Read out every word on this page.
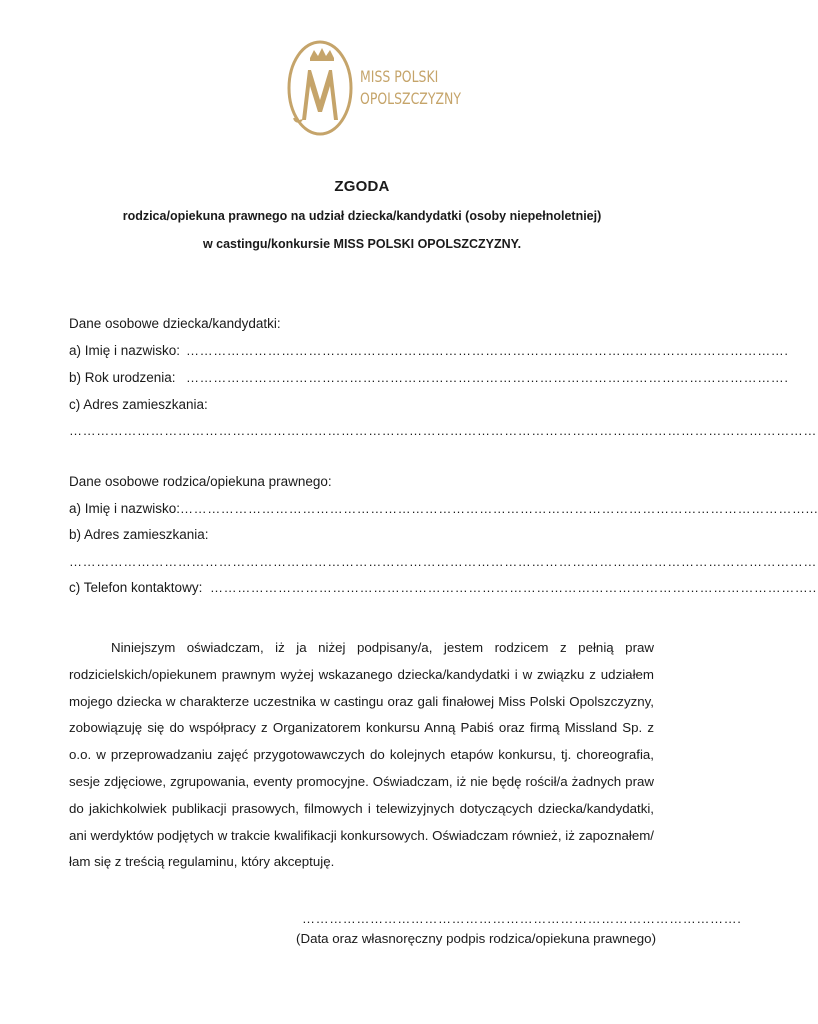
MISS POLSKI
OPOLSZCZYZNY
ZGODA
rodzica/opiekuna prawnego na udział dziecka/kandydatki (osoby niepełnoletniej)
w castingu/konkursie MISS POLSKI OPOLSZCZYZNY.
Dane osobowe dziecka/kandydatki:
a) Imię i nazwisko: …………………………………………………………………………………………………………………….
b) Rok urodzenia: …………………………………………………………………………………………………………………….
c) Adres zamieszkania:
…………………………………………………………………………………………………………………………………………………
Dane osobowe rodzica/opiekuna prawnego:
a) Imię i nazwisko: …………………………………………………………………………………………………………………………...
b) Adres zamieszkania:
…………………………………………………………………………………………………………………………………………………
c) Telefon kontaktowy: ……………………………………………………………………………………………………………………..
Niniejszym oświadczam, iż ja niżej podpisany/a, jestem rodzicem z pełnią praw rodzicielskich/opiekunem prawnym wyżej wskazanego dziecka/kandydatki i w związku z udziałem mojego dziecka w charakterze uczestnika w castingu oraz gali finałowej Miss Polski Opolszczyzny, zobowiązuję się do współpracy z Organizatorem konkursu Anną Pabiś oraz firmą Missland Sp. z o.o. w przeprowadzaniu zajęć przygotowawczych do kolejnych etapów konkursu, tj. choreografia, sesje zdjęciowe, zgrupowania, eventy promocyjne. Oświadczam, iż nie będę rościł/a żadnych praw do jakichkolwiek publikacji prasowych, filmowych i telewizyjnych dotyczących dziecka/kandydatki, ani werdyktów podjętych w trakcie kwalifikacji konkursowych. Oświadczam również, iż zapoznałem/łam się z treścią regulaminu, który akceptuję.
…………………………………………………………………………………….
(Data oraz własnoręczny podpis rodzica/opiekuna prawnego)
